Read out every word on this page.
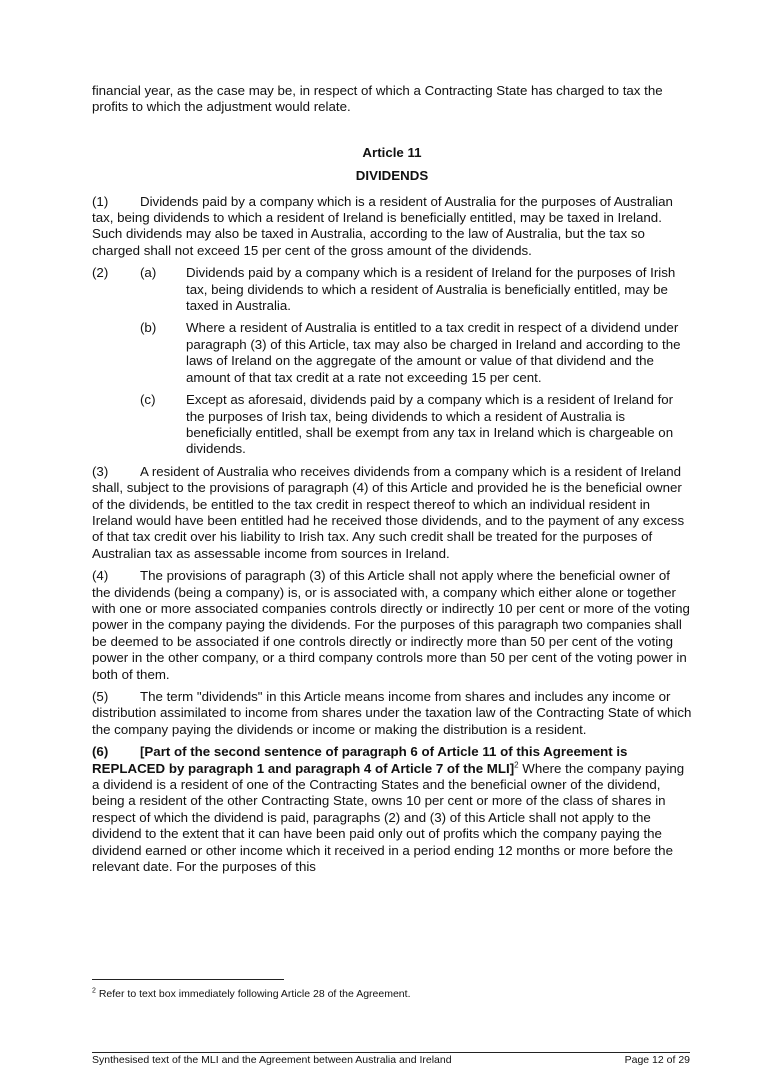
financial year, as the case may be, in respect of which a Contracting State has charged to tax the profits to which the adjustment would relate.

Article 11

DIVIDENDS

(1) Dividends paid by a company which is a resident of Australia for the purposes of Australian tax, being dividends to which a resident of Ireland is beneficially entitled, may be taxed in Ireland. Such dividends may also be taxed in Australia, according to the law of Australia, but the tax so charged shall not exceed 15 per cent of the gross amount of the dividends.

(2)	(a)	Dividends paid by a company which is a resident of Ireland for the purposes of Irish tax, being dividends to which a resident of Australia is beneficially entitled, may be taxed in Australia.
(b)	Where a resident of Australia is entitled to a tax credit in respect of a dividend under paragraph (3) of this Article, tax may also be charged in Ireland and according to the laws of Ireland on the aggregate of the amount or value of that dividend and the amount of that tax credit at a rate not exceeding 15 per cent.
(c)	Except as aforesaid, dividends paid by a company which is a resident of Ireland for the purposes of Irish tax, being dividends to which a resident of Australia is beneficially entitled, shall be exempt from any tax in Ireland which is chargeable on dividends.

(3) A resident of Australia who receives dividends from a company which is a resident of Ireland shall, subject to the provisions of paragraph (4) of this Article and provided he is the beneficial owner of the dividends, be entitled to the tax credit in respect thereof to which an individual resident in Ireland would have been entitled had he received those dividends, and to the payment of any excess of that tax credit over his liability to Irish tax. Any such credit shall be treated for the purposes of Australian tax as assessable income from sources in Ireland.

(4) The provisions of paragraph (3) of this Article shall not apply where the beneficial owner of the dividends (being a company) is, or is associated with, a company which either alone or together with one or more associated companies controls directly or indirectly 10 per cent or more of the voting power in the company paying the dividends. For the purposes of this paragraph two companies shall be deemed to be associated if one controls directly or indirectly more than 50 per cent of the voting power in the other company, or a third company controls more than 50 per cent of the voting power in both of them.

(5) The term "dividends" in this Article means income from shares and includes any income or distribution assimilated to income from shares under the taxation law of the Contracting State of which the company paying the dividends or income or making the distribution is a resident.

(6) [Part of the second sentence of paragraph 6 of Article 11 of this Agreement is REPLACED by paragraph 1 and paragraph 4 of Article 7 of the MLI]$^2$ Where the company paying a dividend is a resident of one of the Contracting States and the beneficial owner of the dividend, being a resident of the other Contracting State, owns 10 per cent or more of the class of shares in respect of which the dividend is paid, paragraphs (2) and (3) of this Article shall not apply to the dividend to the extent that it can have been paid only out of profits which the company paying the dividend earned or other income which it received in a period ending 12 months or more before the relevant date. For the purposes of this

$^2$ Refer to text box immediately following Article 28 of the Agreement.
Synthesised text of the MLI and the Agreement between Australia and Ireland	Page 12 of 29
